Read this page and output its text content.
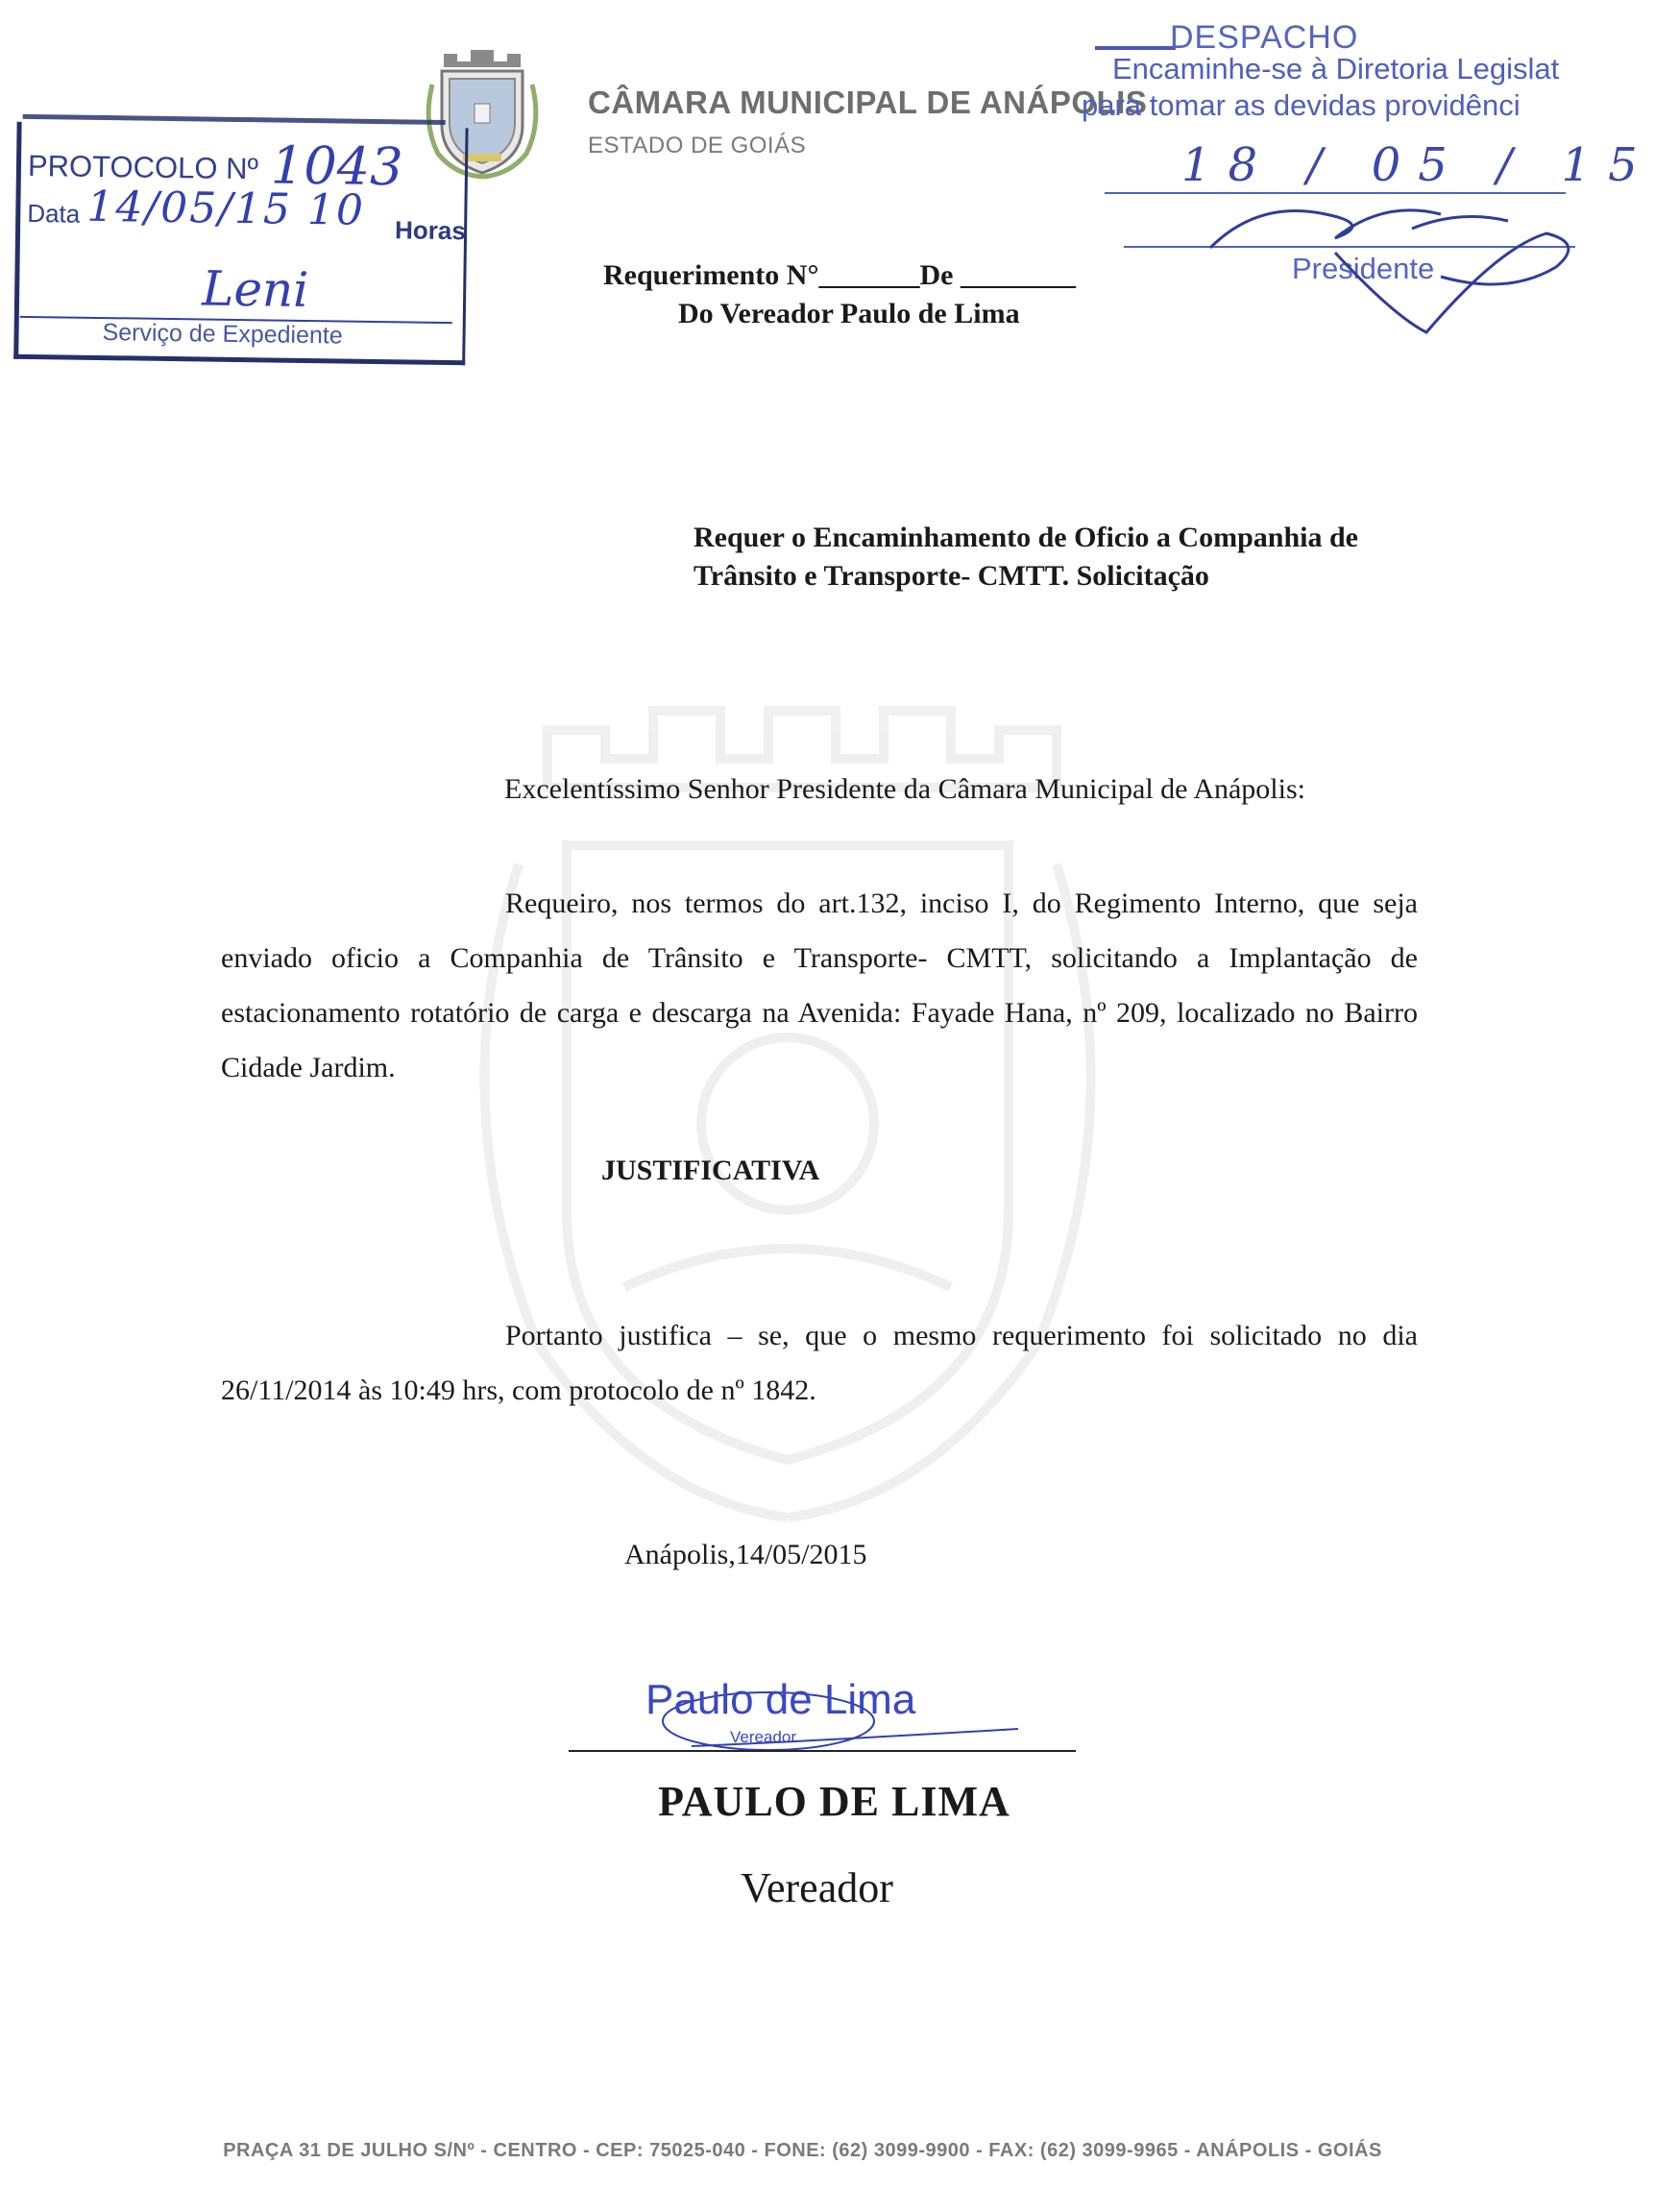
CÂMARA MUNICIPAL DE ANÁPOLIS
ESTADO DE GOIÁS
PROTOCOLO Nº 1043
Data 14/05/15 10 Horas
Leni
Serviço de Expediente
DESPACHO
Encaminhe-se à Diretoria Legislat
para tomar as devidas providênci
18 / 05 / 15
Presidente
Requerimento N°_______De ________
Do Vereador Paulo de Lima
Requer o Encaminhamento de Oficio a Companhia de Trânsito e Transporte- CMTT. Solicitação
Excelentíssimo Senhor Presidente da Câmara Municipal de Anápolis:
Requeiro, nos termos do art.132, inciso I, do Regimento Interno, que seja enviado oficio a Companhia de Trânsito e Transporte- CMTT, solicitando a Implantação de estacionamento rotatório de carga e descarga na Avenida: Fayade Hana, nº 209, localizado no Bairro Cidade Jardim.
JUSTIFICATIVA
Portanto justifica – se, que o mesmo requerimento foi solicitado no dia 26/11/2014 às 10:49 hrs, com protocolo de nº 1842.
Anápolis,14/05/2015
Paulo de Lima
Vereador
PAULO DE LIMA
Vereador
PRAÇA 31 DE JULHO S/Nº - CENTRO - CEP: 75025-040 - FONE: (62) 3099-9900 - FAX: (62) 3099-9965 - ANÁPOLIS - GOIÁS
